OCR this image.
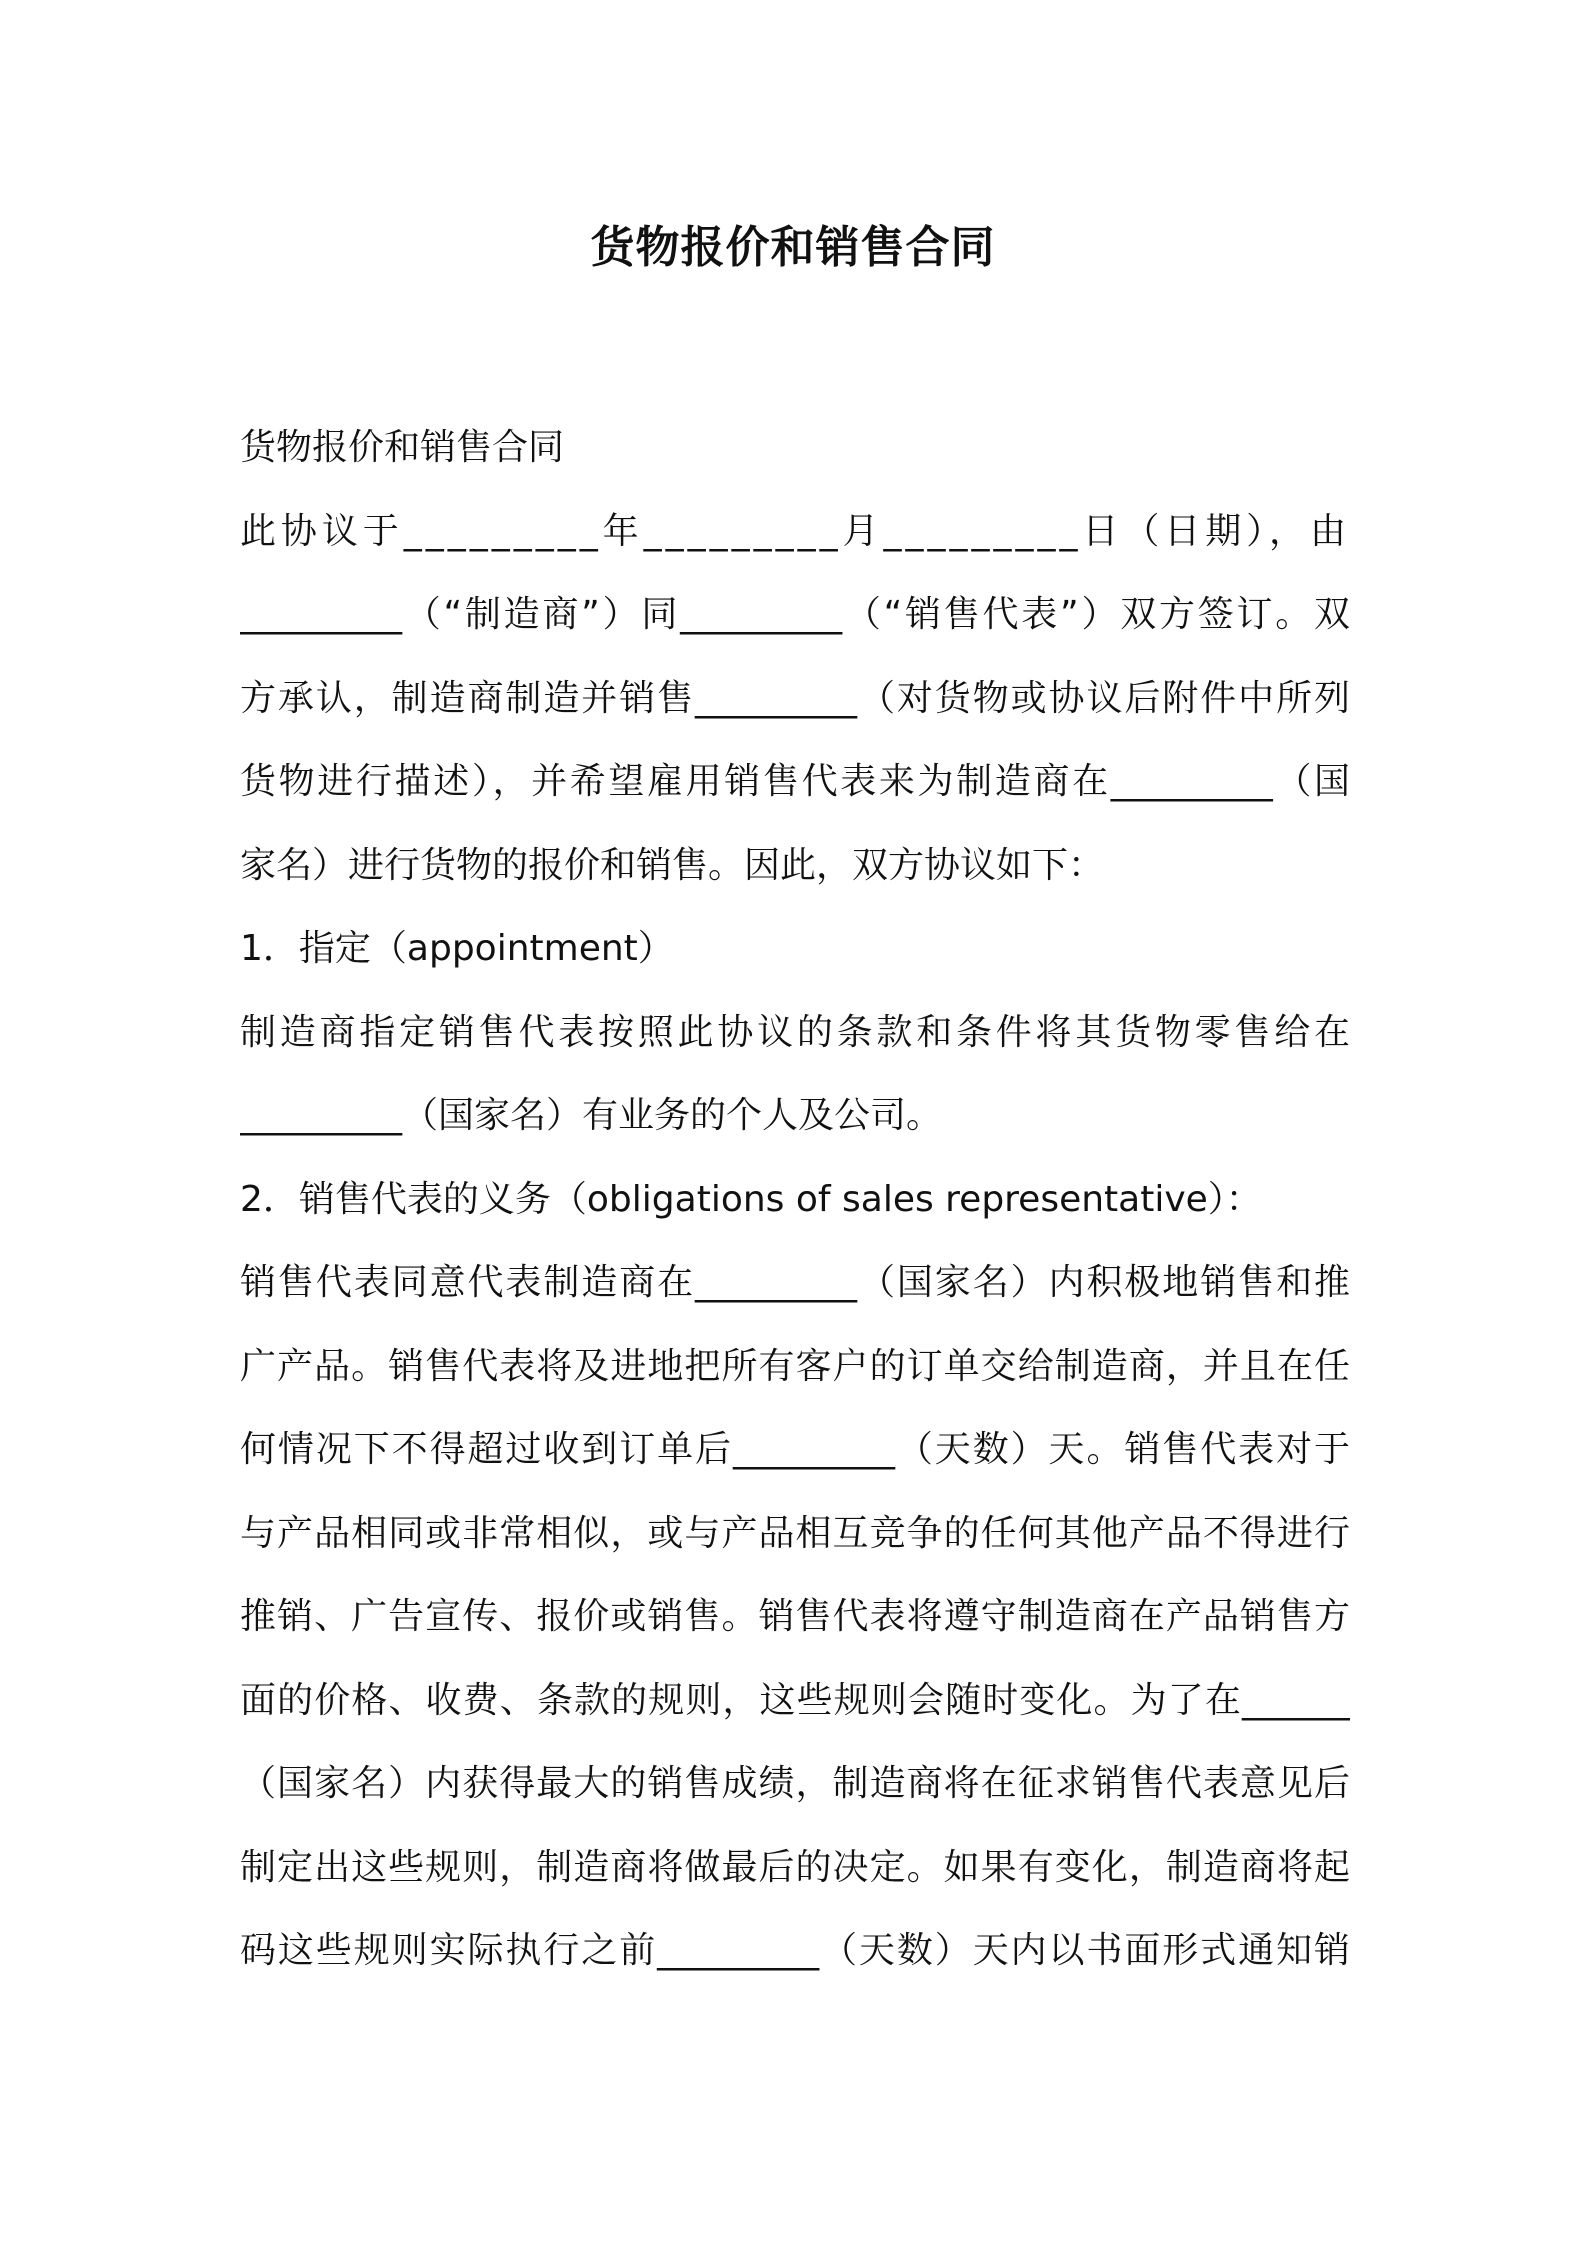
货物报价和销售合同
货物报价和销售合同
此协议于_________年_________月_________日（日期），由
_________（“制造商”）同_________（“销售代表”）双方签订。双
方承认，制造商制造并销售_________（对货物或协议后附件中所列
货物进行描述），并希望雇用销售代表来为制造商在_________（国
家名）进行货物的报价和销售。因此，双方协议如下：
1．指定（appointment）
制造商指定销售代表按照此协议的条款和条件将其货物零售给在
_________（国家名）有业务的个人及公司。
2．销售代表的义务（obligations of sales representative）：
销售代表同意代表制造商在_________（国家名）内积极地销售和推
广产品。销售代表将及进地把所有客户的订单交给制造商，并且在任
何情况下不得超过收到订单后_________（天数）天。销售代表对于
与产品相同或非常相似，或与产品相互竞争的任何其他产品不得进行
推销、广告宣传、报价或销售。销售代表将遵守制造商在产品销售方
面的价格、收费、条款的规则，这些规则会随时变化。为了在______
（国家名）内获得最大的销售成绩，制造商将在征求销售代表意见后
制定出这些规则，制造商将做最后的决定。如果有变化，制造商将起
码这些规则实际执行之前_________（天数）天内以书面形式通知销
